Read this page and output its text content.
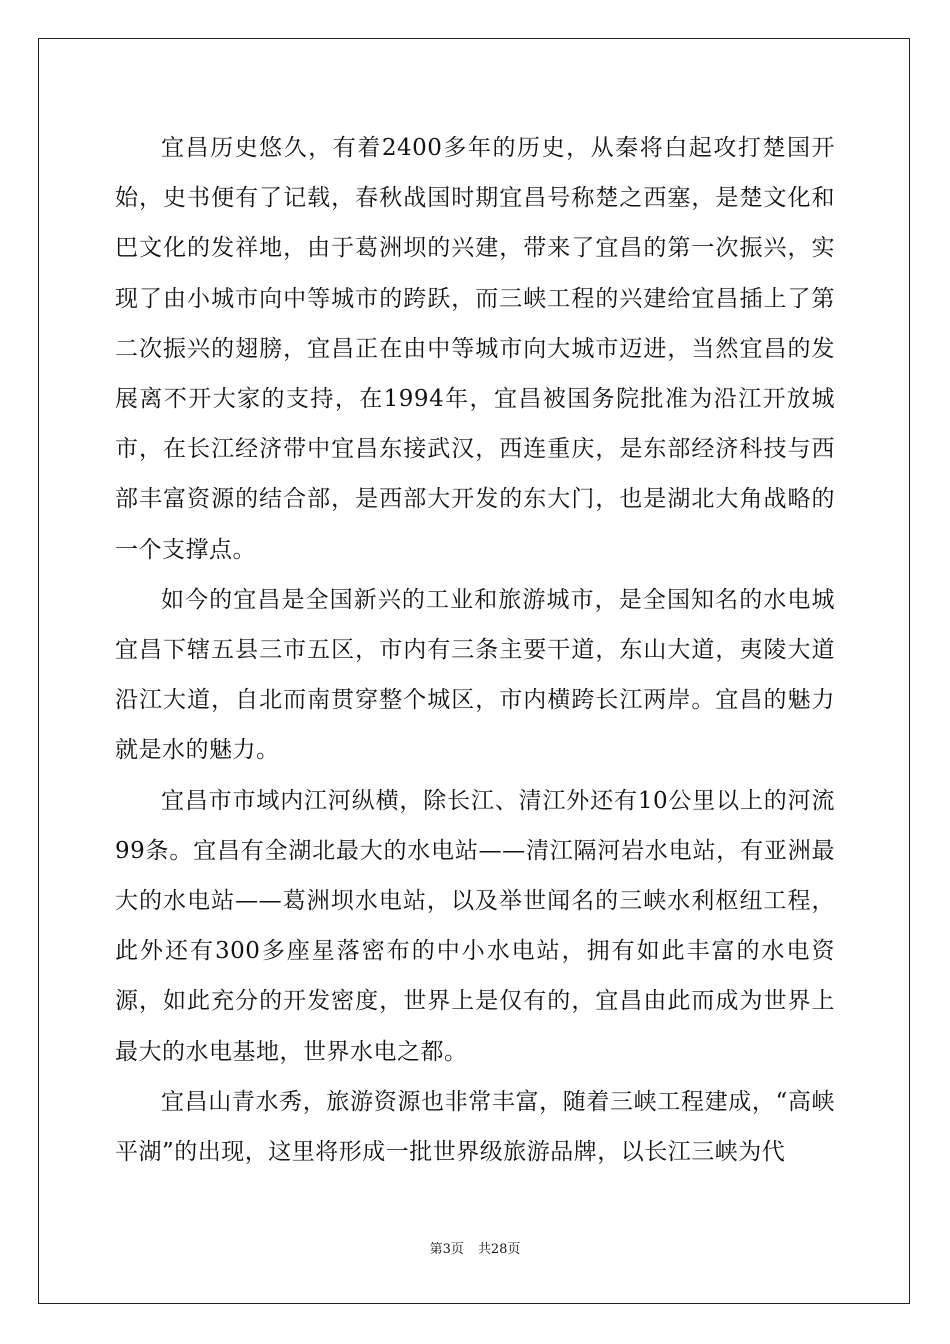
宜昌历史悠久，有着2400多年的历史，从秦将白起攻打楚国开始，史书便有了记载，春秋战国时期宜昌号称楚之西塞，是楚文化和巴文化的发祥地，由于葛洲坝的兴建，带来了宜昌的第一次振兴，实现了由小城市向中等城市的跨跃，而三峡工程的兴建给宜昌插上了第二次振兴的翅膀，宜昌正在由中等城市向大城市迈进，当然宜昌的发展离不开大家的支持，在1994年，宜昌被国务院批准为沿江开放城市，在长江经济带中宜昌东接武汉，西连重庆，是东部经济科技与西部丰富资源的结合部，是西部大开发的东大门，也是湖北大角战略的一个支撑点。

如今的宜昌是全国新兴的工业和旅游城市，是全国知名的水电城宜昌下辖五县三市五区，市内有三条主要干道，东山大道，夷陵大道沿江大道，自北而南贯穿整个城区，市内横跨长江两岸。宜昌的魅力就是水的魅力。

宜昌市市域内江河纵横，除长江、清江外还有10公里以上的河流99条。宜昌有全湖北最大的水电站——清江隔河岩水电站，有亚洲最大的水电站——葛洲坝水电站，以及举世闻名的三峡水利枢纽工程，此外还有300多座星落密布的中小水电站，拥有如此丰富的水电资源，如此充分的开发密度，世界上是仅有的，宜昌由此而成为世界上最大的水电基地，世界水电之都。

宜昌山青水秀，旅游资源也非常丰富，随着三峡工程建成，“高峡平湖”的出现，这里将形成一批世界级旅游品牌，以长江三峡为代

第3页 共28页
